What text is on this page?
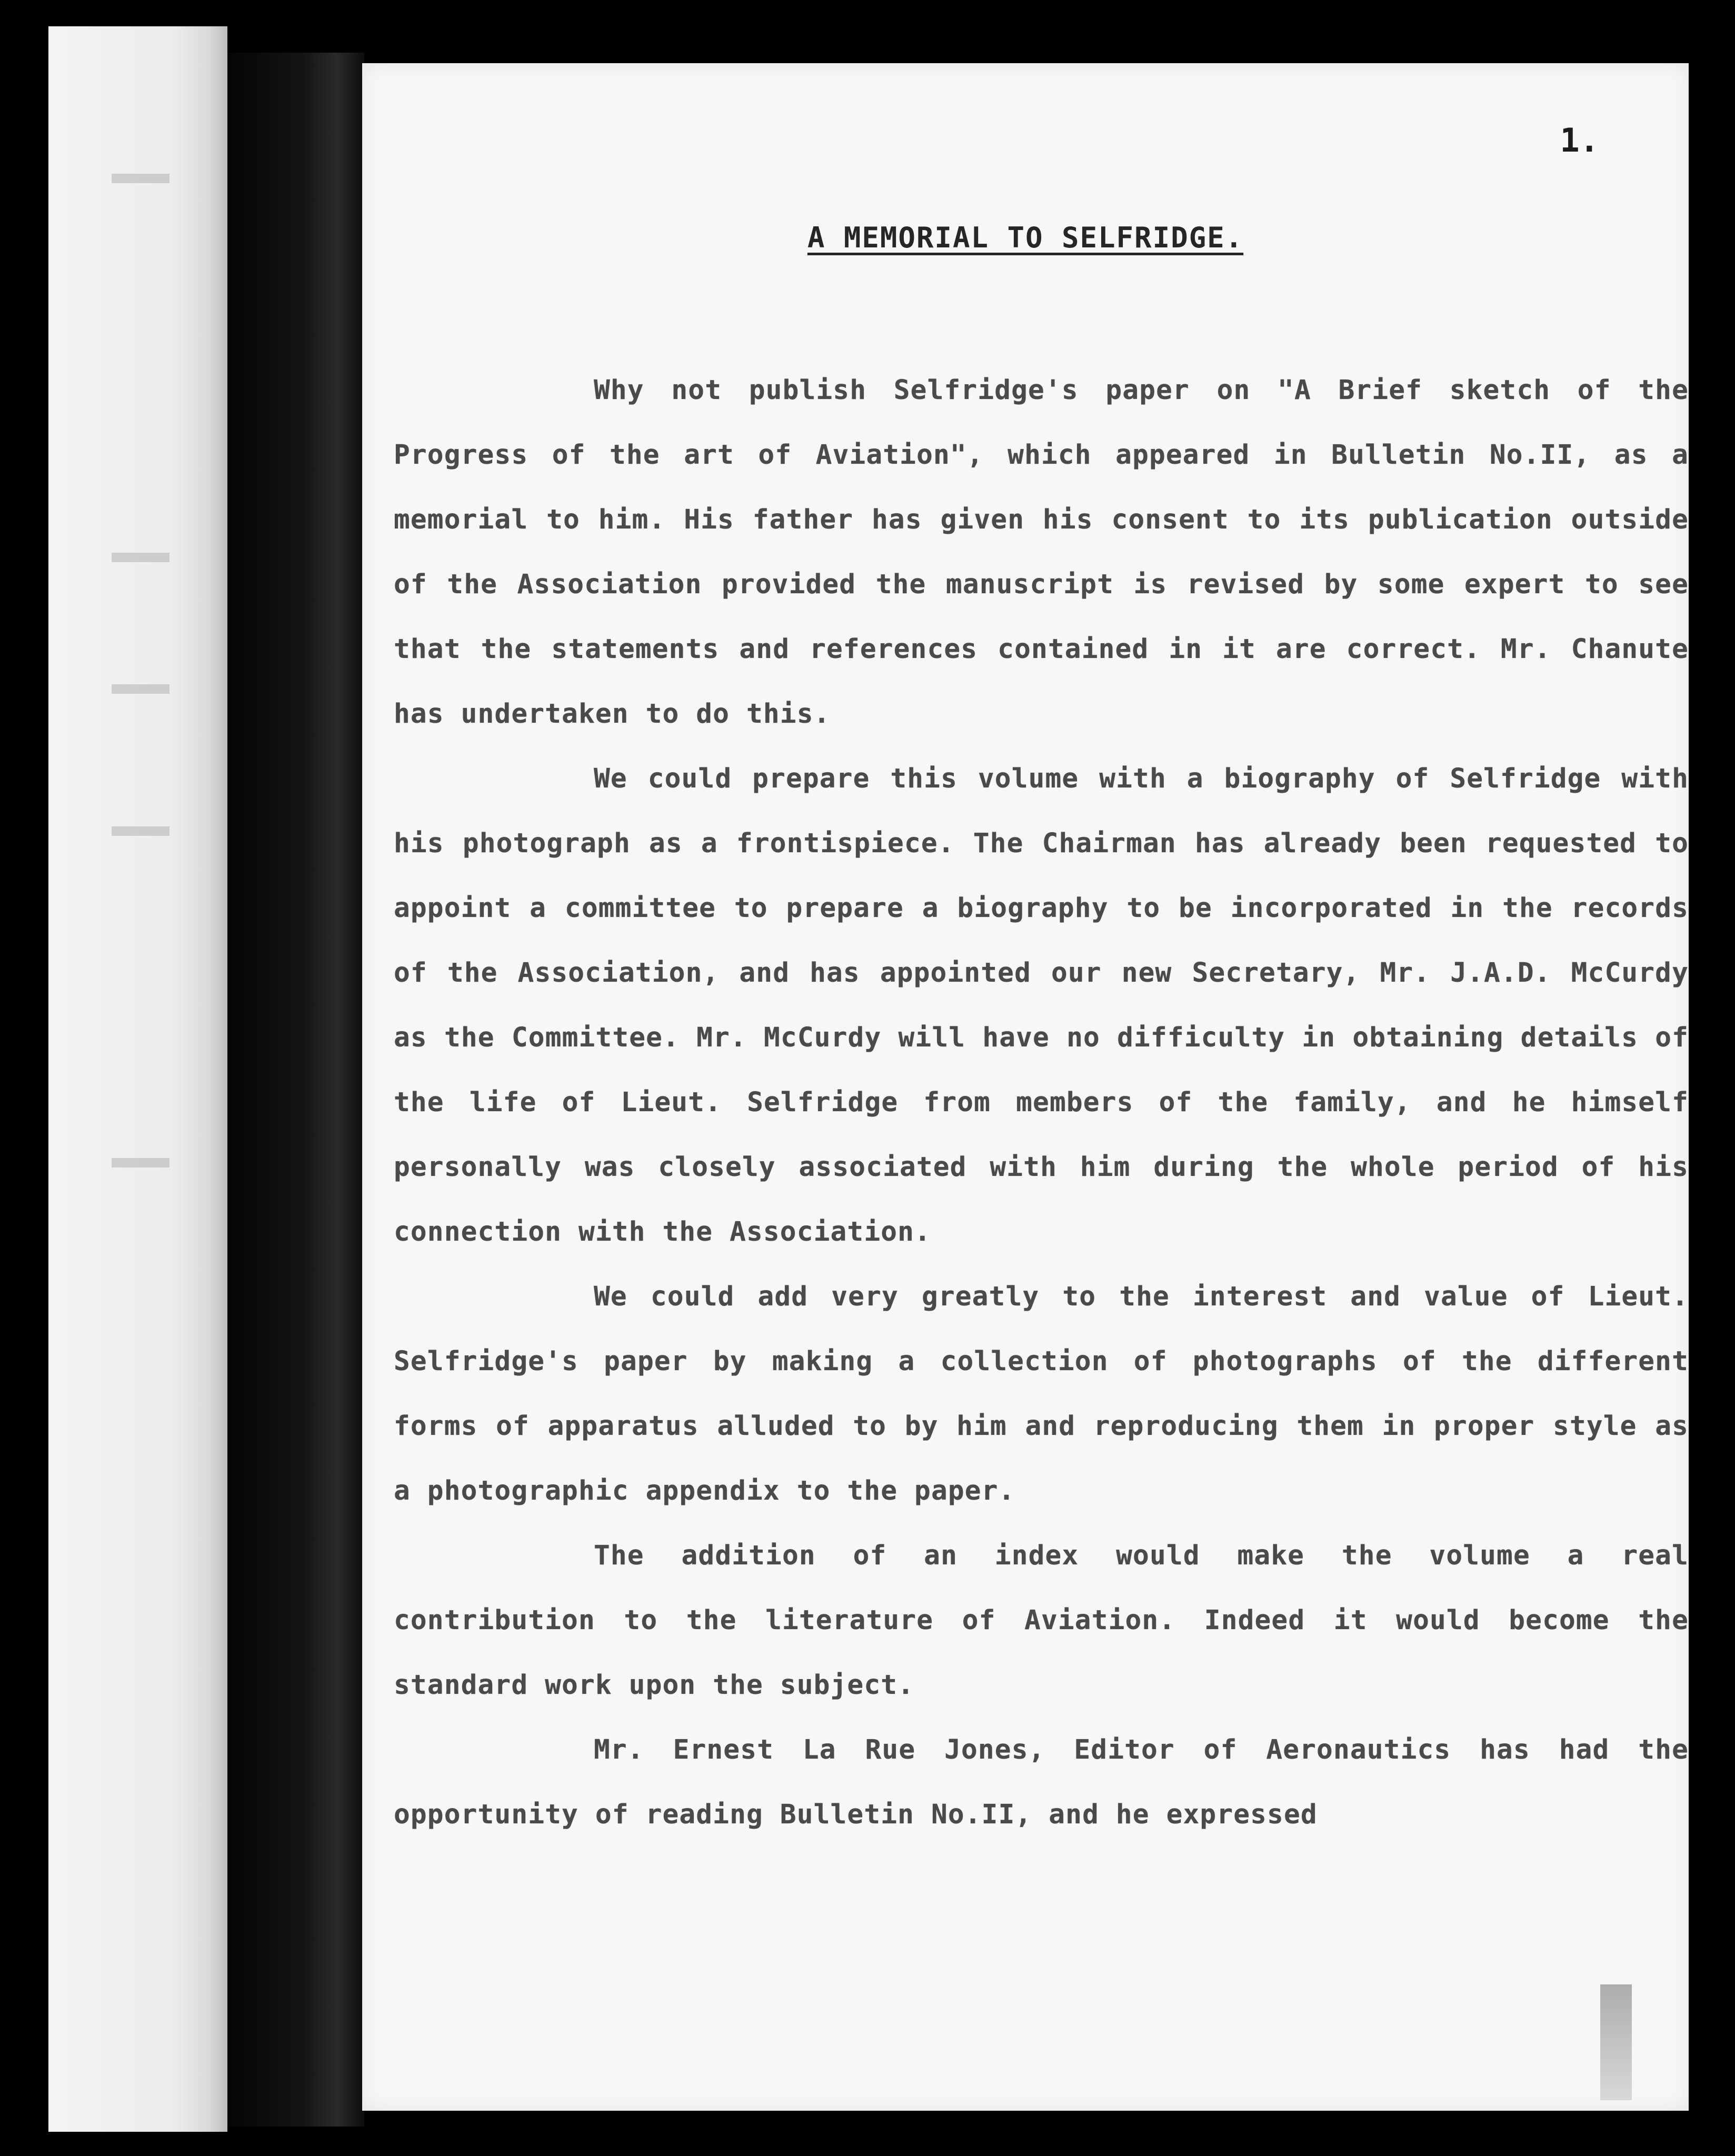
1.
A MEMORIAL TO SELFRIDGE.

Why not publish Selfridge's paper on "A Brief sketch of the Progress of the art of Aviation", which appeared in Bulletin No.II, as a memorial to him. His father has given his consent to its publication outside of the Association provided the manuscript is revised by some expert to see that the statements and references contained in it are correct. Mr. Chanute has undertaken to do this.

We could prepare this volume with a biography of Selfridge with his photograph as a frontispiece. The Chairman has already been requested to appoint a committee to prepare a biography to be incorporated in the records of the Association, and has appointed our new Secretary, Mr. J.A.D. McCurdy as the Committee. Mr. McCurdy will have no difficulty in obtaining details of the life of Lieut. Selfridge from members of the family, and he himself personally was closely associated with him during the whole period of his connection with the Association.

We could add very greatly to the interest and value of Lieut. Selfridge's paper by making a collection of photographs of the different forms of apparatus alluded to by him and reproducing them in proper style as a photographic appendix to the paper.

The addition of an index would make the volume a real contribution to the literature of Aviation. Indeed it would become the standard work upon the subject.

Mr. Ernest La Rue Jones, Editor of Aeronautics has had the opportunity of reading Bulletin No.II, and he expressed
